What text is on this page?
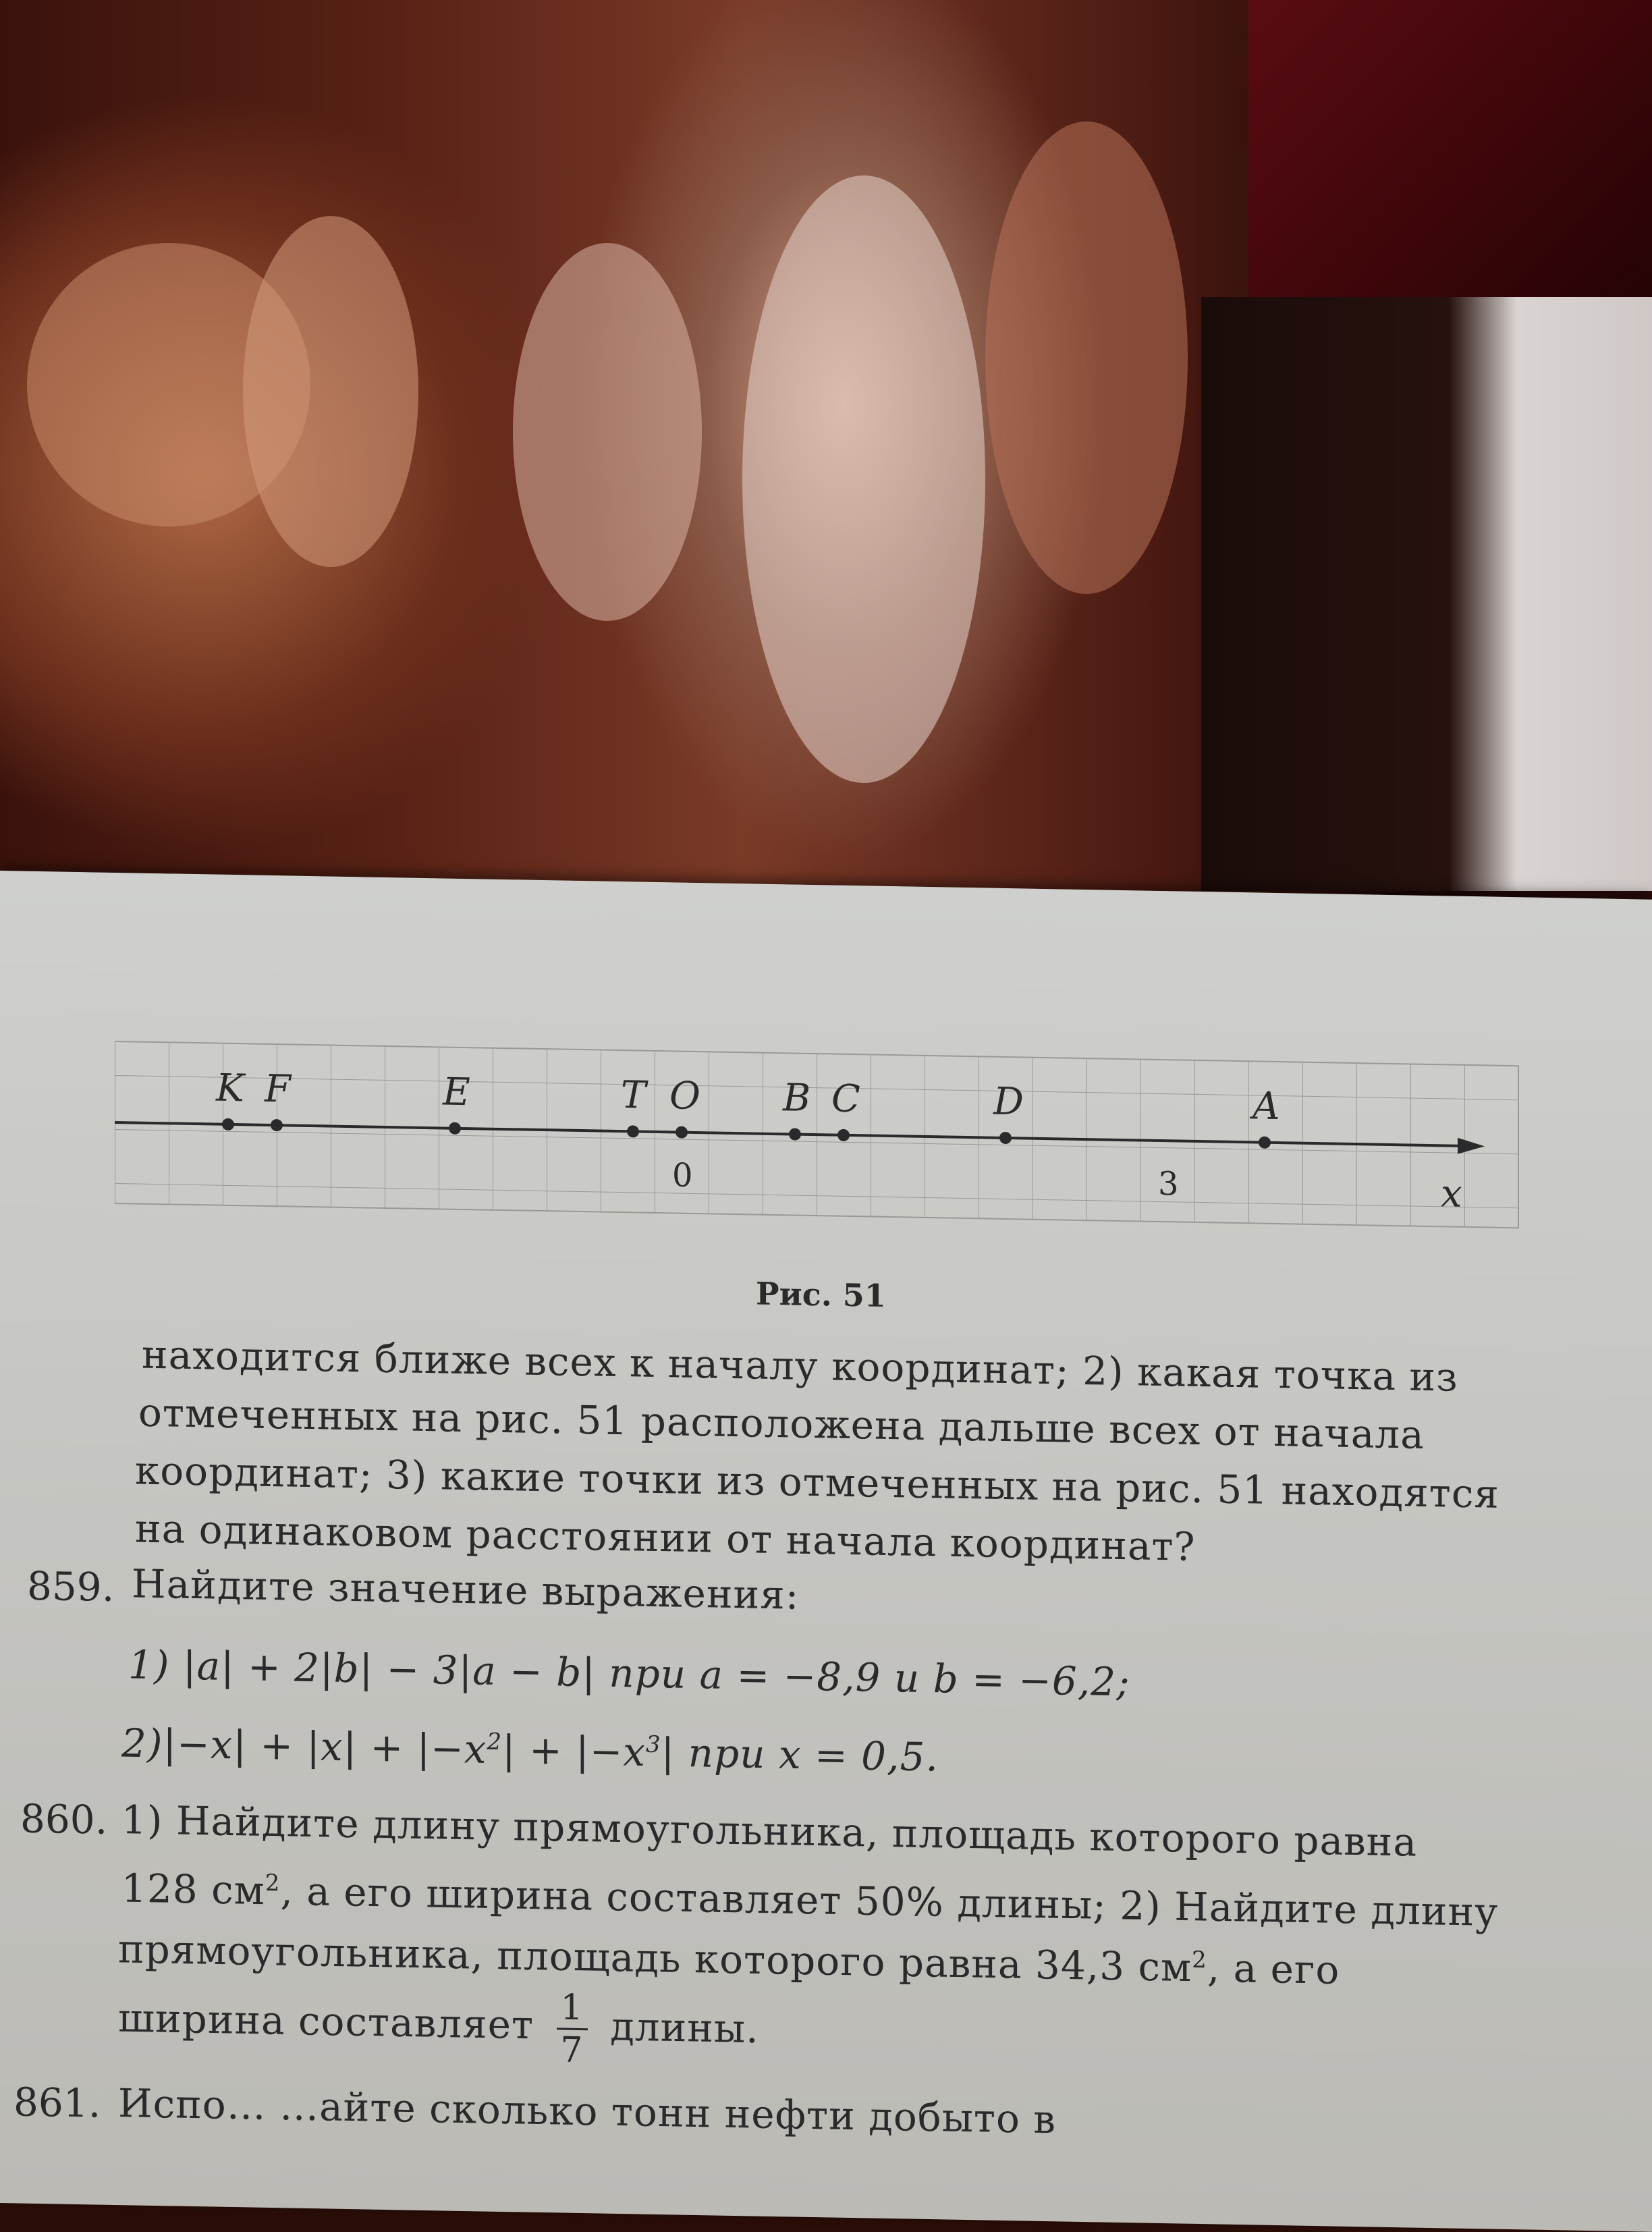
x
K F	E	T O B C	D	A
0	3
Рис. 51
находится ближе всех к началу координат; 2) какая точка из
отмеченных на рис. 51 расположена дальше всех от начала
координат; 3) какие точки из отмеченных на рис. 51 находятся
на одинаковом расстоянии от начала координат?
859. Найдите значение выражения:
1) |a| + 2|b| − 3|a − b| при a = −8,9 и b = −6,2;
$2)|-x| + |x| + |-x^2| + |-x^3|$ при x = 0,5.
860. 1) Найдите длину прямоугольника, площадь которого равна
128 $см^2$, а его ширина составляет 50% длины; 2) Найдите длину
прямоугольника, площадь которого равна 34,3 $см^2$, а его
ширина составляет $\frac{1}{7}$ длины.
861. Испо… …айте сколько тонн нефти добыто в
